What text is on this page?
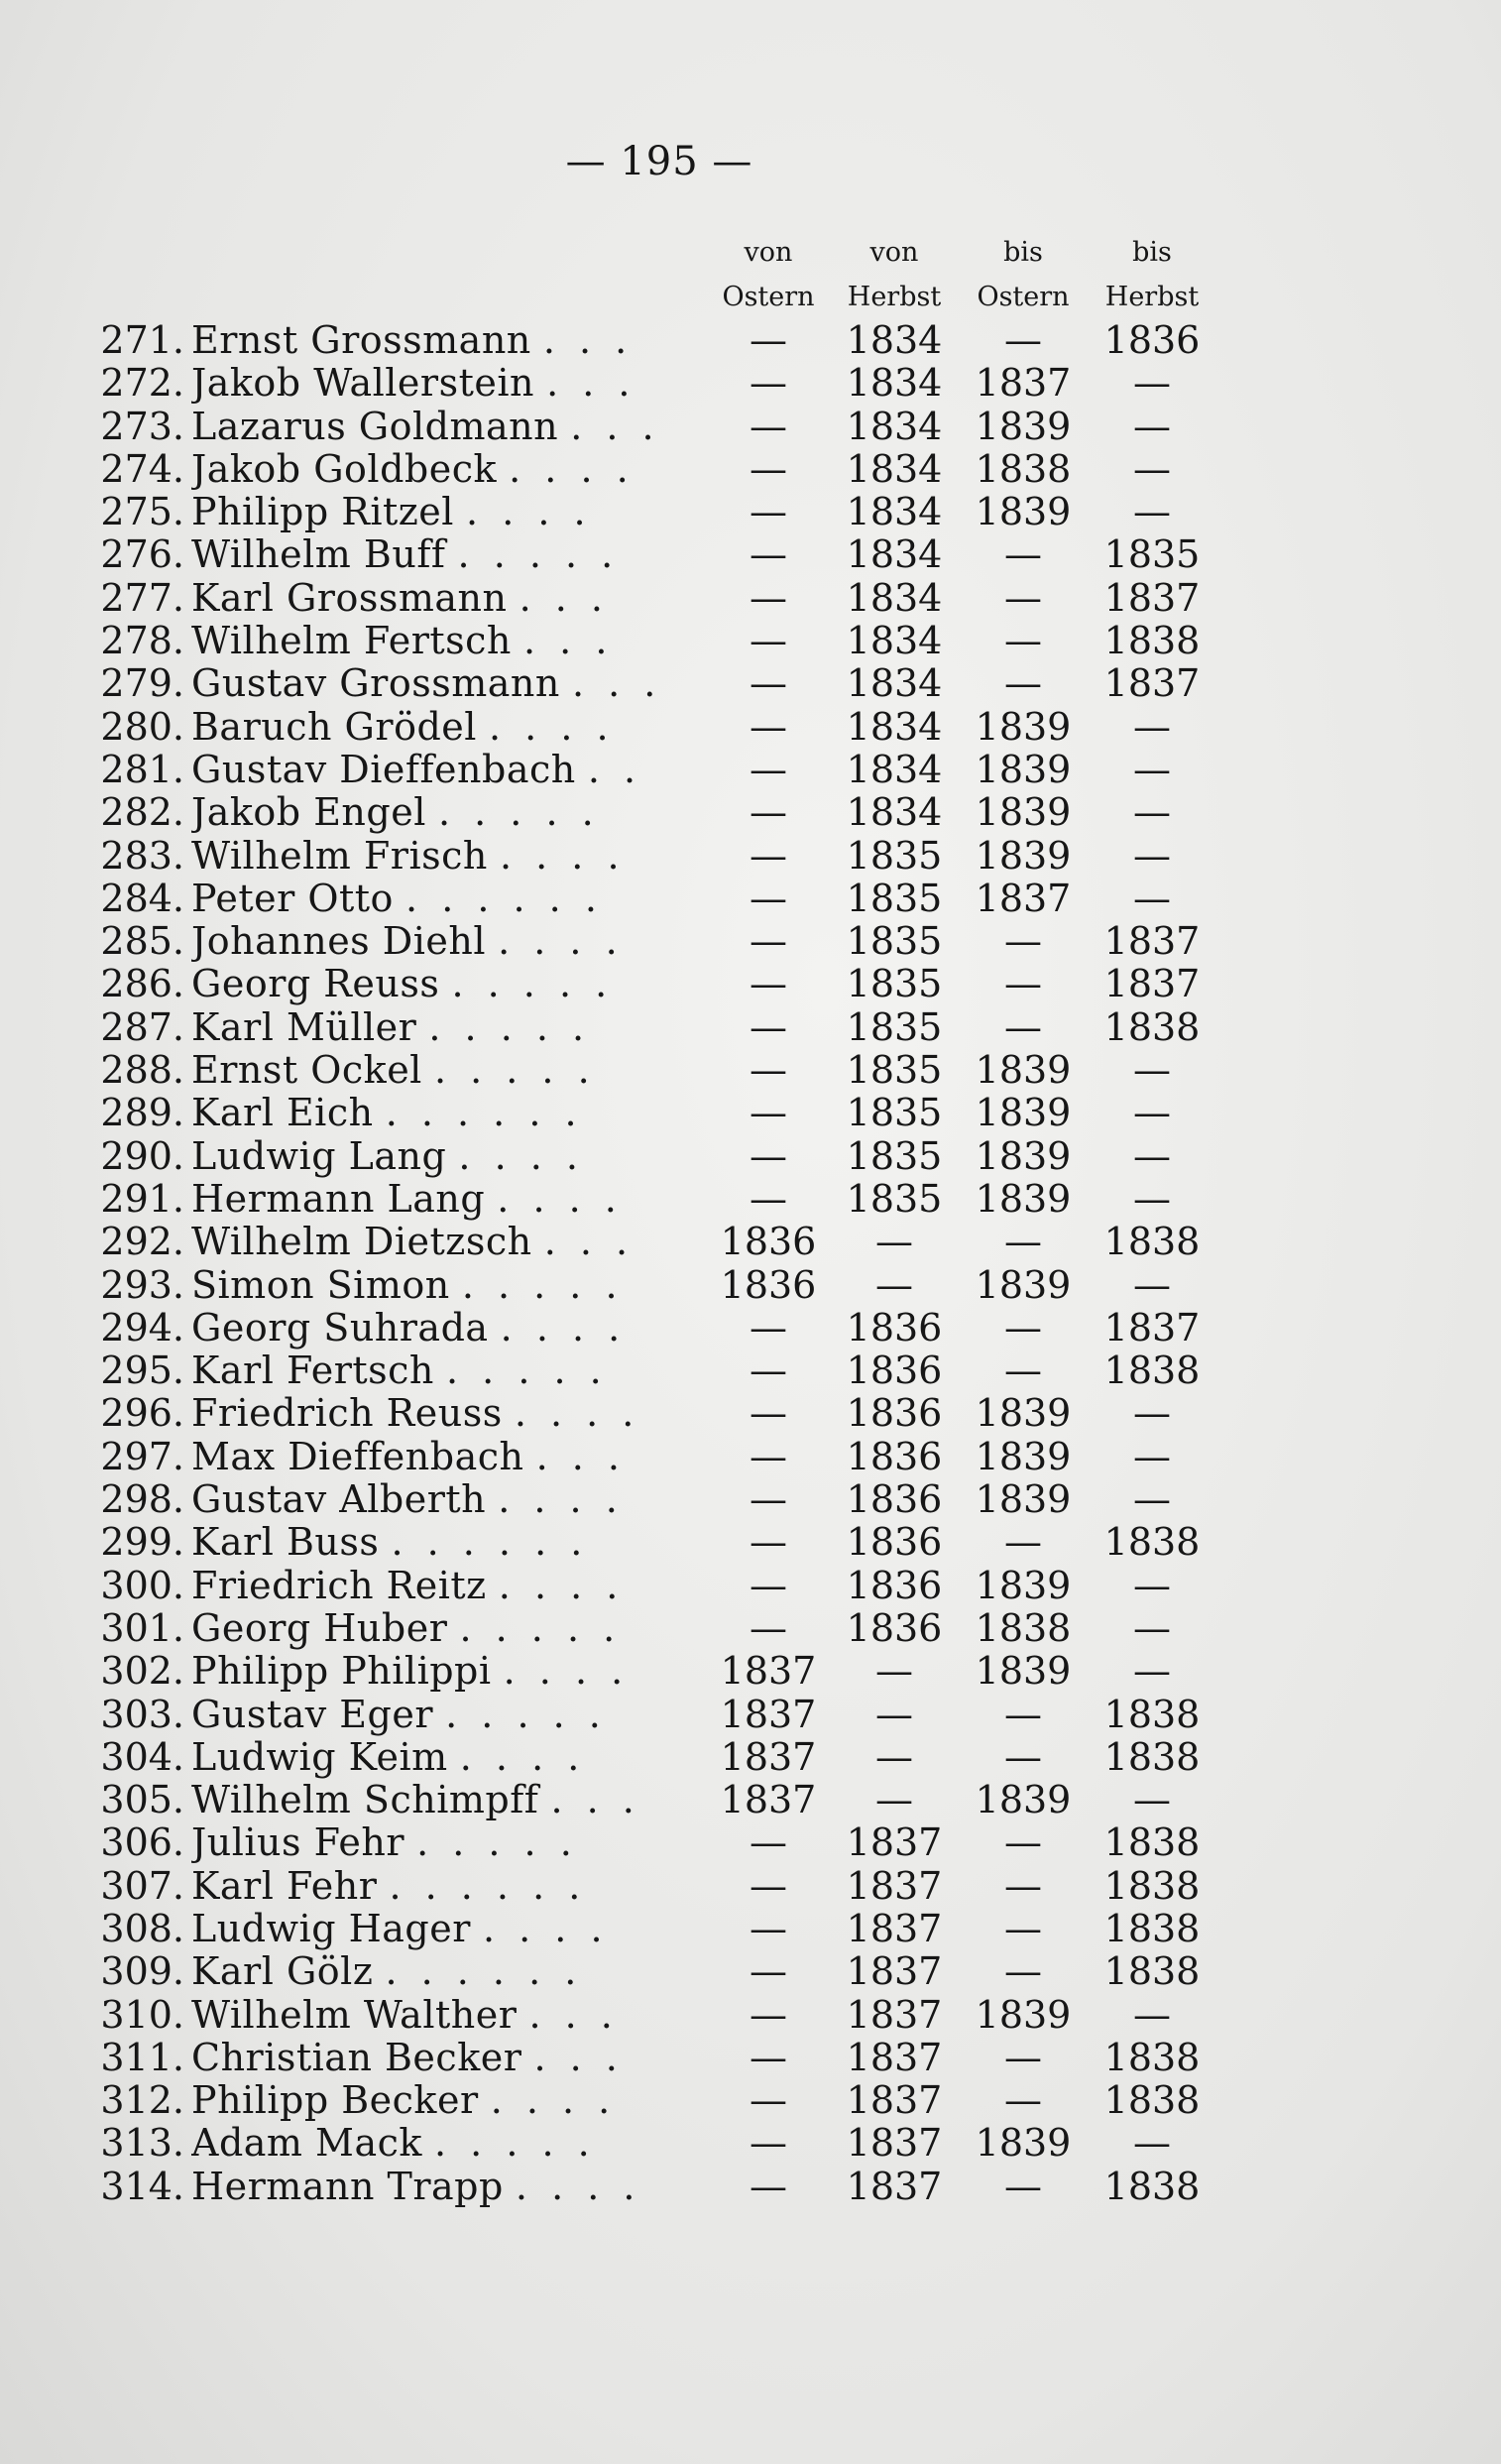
— 195 —
von
Ostern
von
Herbst
bis
Ostern
bis
Herbst
271. Ernst Grossmann . . .	—	1834	—	1836
272. Jakob Wallerstein . . .	—	1834 1837	—
273. Lazarus Goldmann . . .	—	1834 1839	—
274. Jakob Goldbeck . . . .	—	1834 1838	—
275. Philipp Ritzel . . . .	—	1834 1839	—
276. Wilhelm Buff . . . . .	—	1834	—	1835
277. Karl Grossmann . . .	—	1834	—	1837
278. Wilhelm Fertsch . . .	—	1834	—	1838
279. Gustav Grossmann . . .	—	1834	—	1837
280. Baruch Grödel . . . .	—	1834 1839	—
281. Gustav Dieffenbach . .	—	1834 1839	—
282. Jakob Engel . . . . .	—	1834 1839	—
283. Wilhelm Frisch . . . .	—	1835 1839	—
284. Peter Otto . . . . . .	—	1835 1837	—
285. Johannes Diehl . . . .	—	1835	—	1837
286. Georg Reuss . . . . .	—	1835	—	1837
287. Karl Müller . . . . .	—	1835	—	1838
288. Ernst Ockel . . . . .	—	1835 1839	—
289. Karl Eich . . . . . .	—	1835 1839	—
290. Ludwig Lang . . . .	—	1835 1839	—
291. Hermann Lang . . . .	—	1835 1839	—
292. Wilhelm Dietzsch . . .	1836	—	—	1838
293. Simon Simon . . . . .	1836	—	1839	—
294. Georg Suhrada . . . .	—	1836	—	1837
295. Karl Fertsch . . . . .	—	1836	—	1838
296. Friedrich Reuss . . . .	—	1836 1839	—
297. Max Dieffenbach . . .	—	1836 1839	—
298. Gustav Alberth . . . .	—	1836 1839	—
299. Karl Buss . . . . . .	—	1836	—	1838
300. Friedrich Reitz . . . .	—	1836 1839	—
301. Georg Huber . . . . .	—	1836 1838	—
302. Philipp Philippi . . . .	1837	—	1839	—
303. Gustav Eger . . . . .	1837	—	—	1838
304. Ludwig Keim . . . .	1837	—	—	1838
305. Wilhelm Schimpff . . .	1837	—	1839	—
306. Julius Fehr . . . . .	—	1837	—	1838
307. Karl Fehr . . . . . .	—	1837	—	1838
308. Ludwig Hager . . . .	—	1837	—	1838
309. Karl Gölz . . . . . .	—	1837	—	1838
310. Wilhelm Walther . . .	—	1837 1839	—
311. Christian Becker . . .	—	1837	—	1838
312. Philipp Becker . . . .	—	1837	—	1838
313. Adam Mack . . . . .	—	1837 1839	—
314. Hermann Trapp . . . .	—	1837	—	1838
